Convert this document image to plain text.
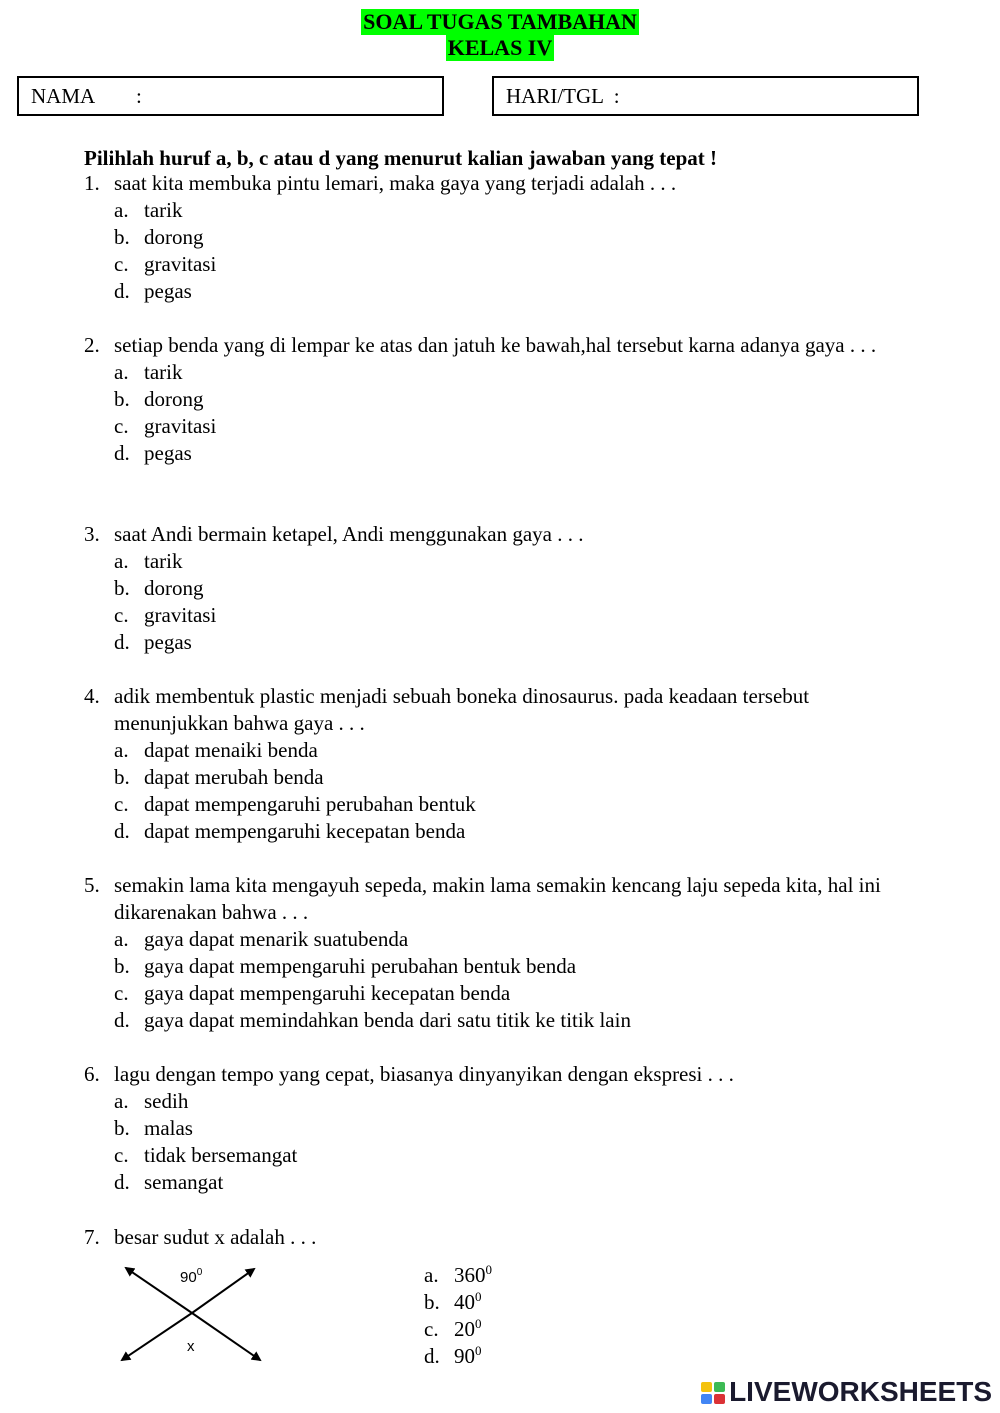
SOAL TUGAS TAMBAHAN
KELAS IV
NAMA        :	HARI/TGL  :
Pilihlah huruf a, b, c atau d yang menurut kalian jawaban yang tepat !
1. saat kita membuka pintu lemari, maka gaya yang terjadi adalah . . .
a. tarik
b. dorong
c. gravitasi
d. pegas
2. setiap benda yang di lempar ke atas dan jatuh ke bawah,hal tersebut karna adanya gaya . . .
a. tarik
b. dorong
c. gravitasi
d. pegas
3. saat Andi bermain ketapel, Andi menggunakan gaya . . .
a. tarik
b. dorong
c. gravitasi
d. pegas
4. adik membentuk plastic menjadi sebuah boneka dinosaurus. pada keadaan tersebut menunjukkan bahwa gaya . . .
a. dapat menaiki benda
b. dapat merubah benda
c. dapat mempengaruhi perubahan bentuk
d. dapat mempengaruhi kecepatan benda
5. semakin lama kita mengayuh sepeda, makin lama semakin kencang laju sepeda kita, hal ini dikarenakan bahwa . . .
a. gaya dapat menarik suatubenda
b. gaya dapat mempengaruhi perubahan bentuk benda
c. gaya dapat mempengaruhi kecepatan benda
d. gaya dapat memindahkan benda dari satu titik ke titik lain
6. lagu dengan tempo yang cepat, biasanya dinyanyikan dengan ekspresi . . .
a. sedih
b. malas
c. tidak bersemangat
d. semangat
7. besar sudut x adalah . . .
$90^0$
x
a. $360^0$
b. $40^0$
c. $20^0$
d. $90^0$
LIVEWORKSHEETS
